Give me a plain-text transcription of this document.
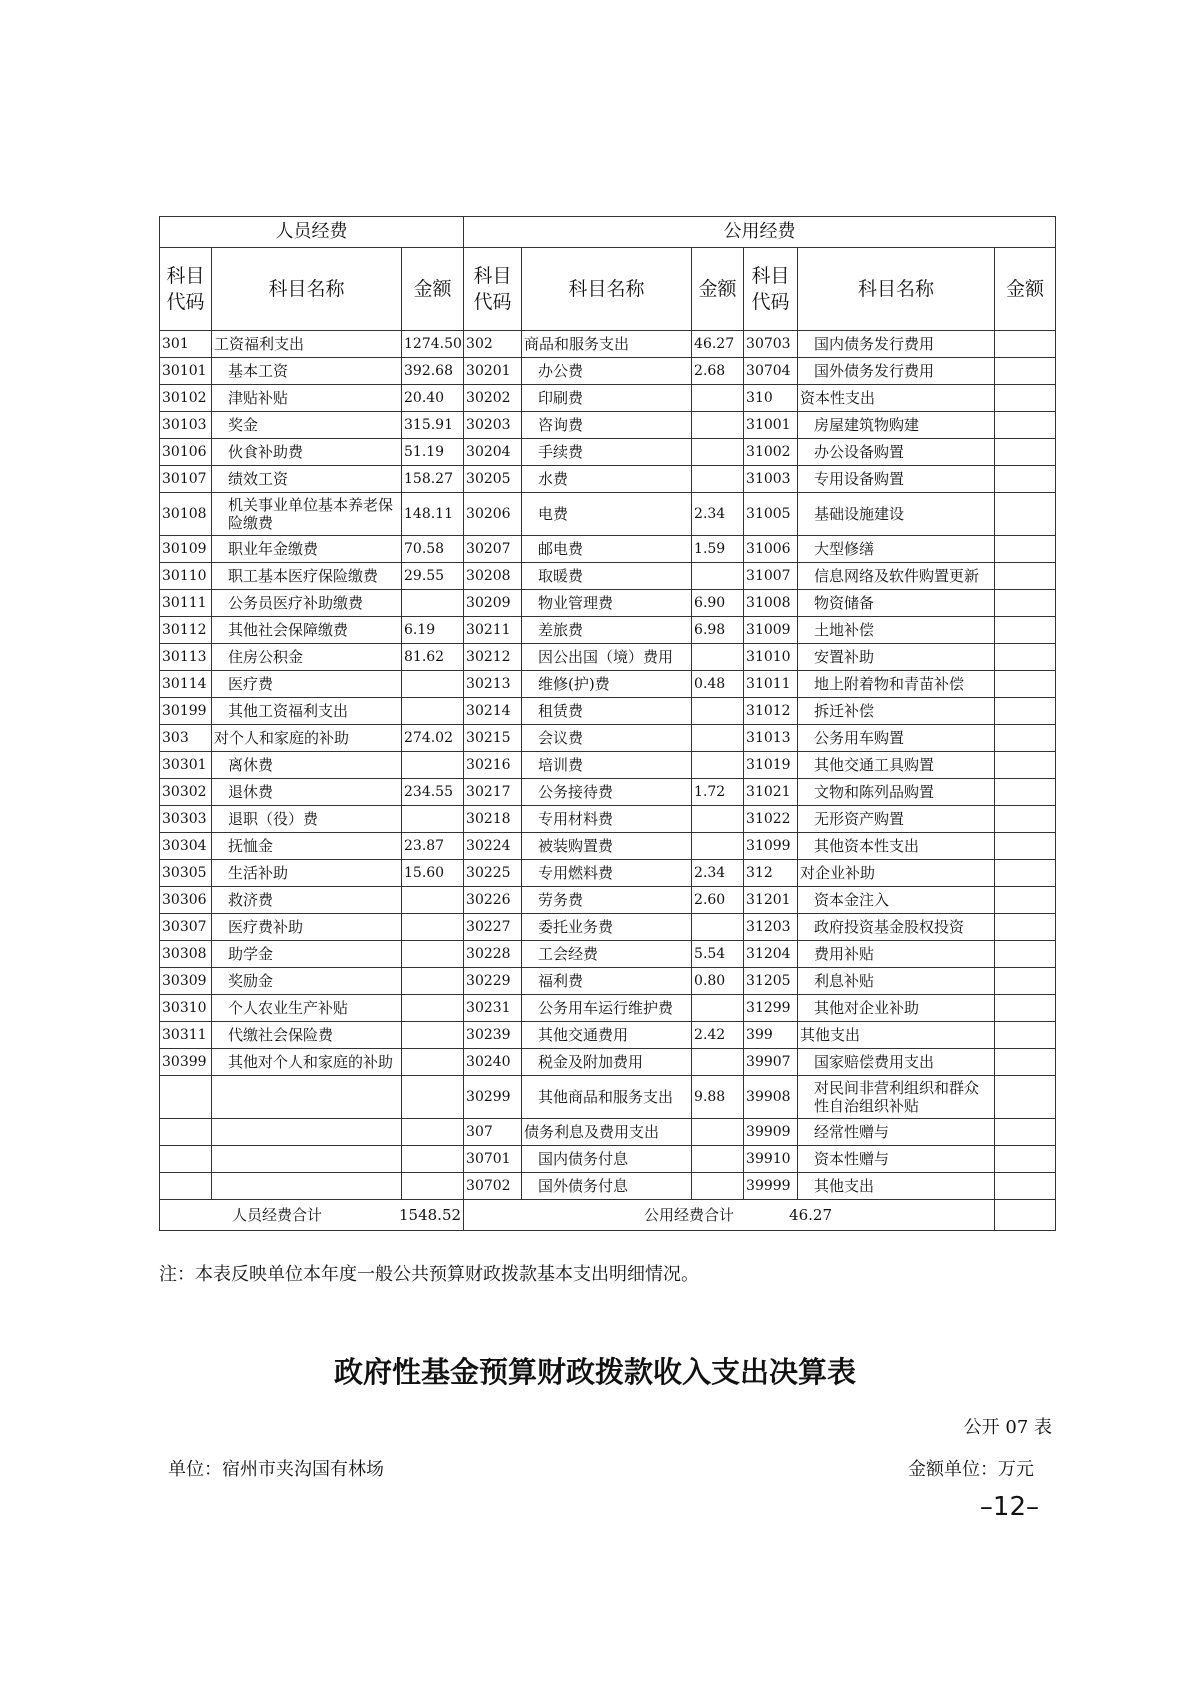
人员经费			公用经费					
科目代码	科目名称	金额	科目代码	科目名称	金额	科目代码	科目名称	金额
301	工资福利支出	1274.50	302	商品和服务支出	46.27	30703	国内债务发行费用	
30101	基本工资	392.68	30201	办公费	2.68	30704	国外债务发行费用	
30102	津贴补贴	20.40	30202	印刷费		310	资本性支出	
30103	奖金	315.91	30203	咨询费		31001	房屋建筑物购建	
30106	伙食补助费	51.19	30204	手续费		31002	办公设备购置	
30107	绩效工资	158.27	30205	水费		31003	专用设备购置	
30108	机关事业单位基本养老保险缴费	148.11	30206	电费	2.34	31005	基础设施建设	
30109	职业年金缴费	70.58	30207	邮电费	1.59	31006	大型修缮	
30110	职工基本医疗保险缴费	29.55	30208	取暖费		31007	信息网络及软件购置更新	
30111	公务员医疗补助缴费		30209	物业管理费	6.90	31008	物资储备	
30112	其他社会保障缴费	6.19	30211	差旅费	6.98	31009	土地补偿	
30113	住房公积金	81.62	30212	因公出国（境）费用		31010	安置补助	
30114	医疗费		30213	维修(护)费	0.48	31011	地上附着物和青苗补偿	
30199	其他工资福利支出		30214	租赁费		31012	拆迁补偿	
303	对个人和家庭的补助	274.02	30215	会议费		31013	公务用车购置	
30301	离休费		30216	培训费		31019	其他交通工具购置	
30302	退休费	234.55	30217	公务接待费	1.72	31021	文物和陈列品购置	
30303	退职（役）费		30218	专用材料费		31022	无形资产购置	
30304	抚恤金	23.87	30224	被装购置费		31099	其他资本性支出	
30305	生活补助	15.60	30225	专用燃料费	2.34	312	对企业补助	
30306	救济费		30226	劳务费	2.60	31201	资本金注入	
30307	医疗费补助		30227	委托业务费		31203	政府投资基金股权投资	
30308	助学金		30228	工会经费	5.54	31204	费用补贴	
30309	奖励金		30229	福利费	0.80	31205	利息补贴	
30310	个人农业生产补贴		30231	公务用车运行维护费		31299	其他对企业补助	
30311	代缴社会保险费		30239	其他交通费用	2.42	399	其他支出	
30399	其他对个人和家庭的补助		30240	税金及附加费用		39907	国家赔偿费用支出	
			30299	其他商品和服务支出	9.88	39908	对民间非营利组织和群众性自治组织补贴	
			307	债务利息及费用支出		39909	经常性赠与	
			30701	国内债务付息		39910	资本性赠与	
			30702	国外债务付息		39999	其他支出	

人员经费合计 1548.52			公用经费合计 46.27					

注：本表反映单位本年度一般公共预算财政拨款基本支出明细情况。
政府性基金预算财政拨款收入支出决算表
公开 07 表
单位：宿州市夹沟国有林场	金额单位：万元
–12–
